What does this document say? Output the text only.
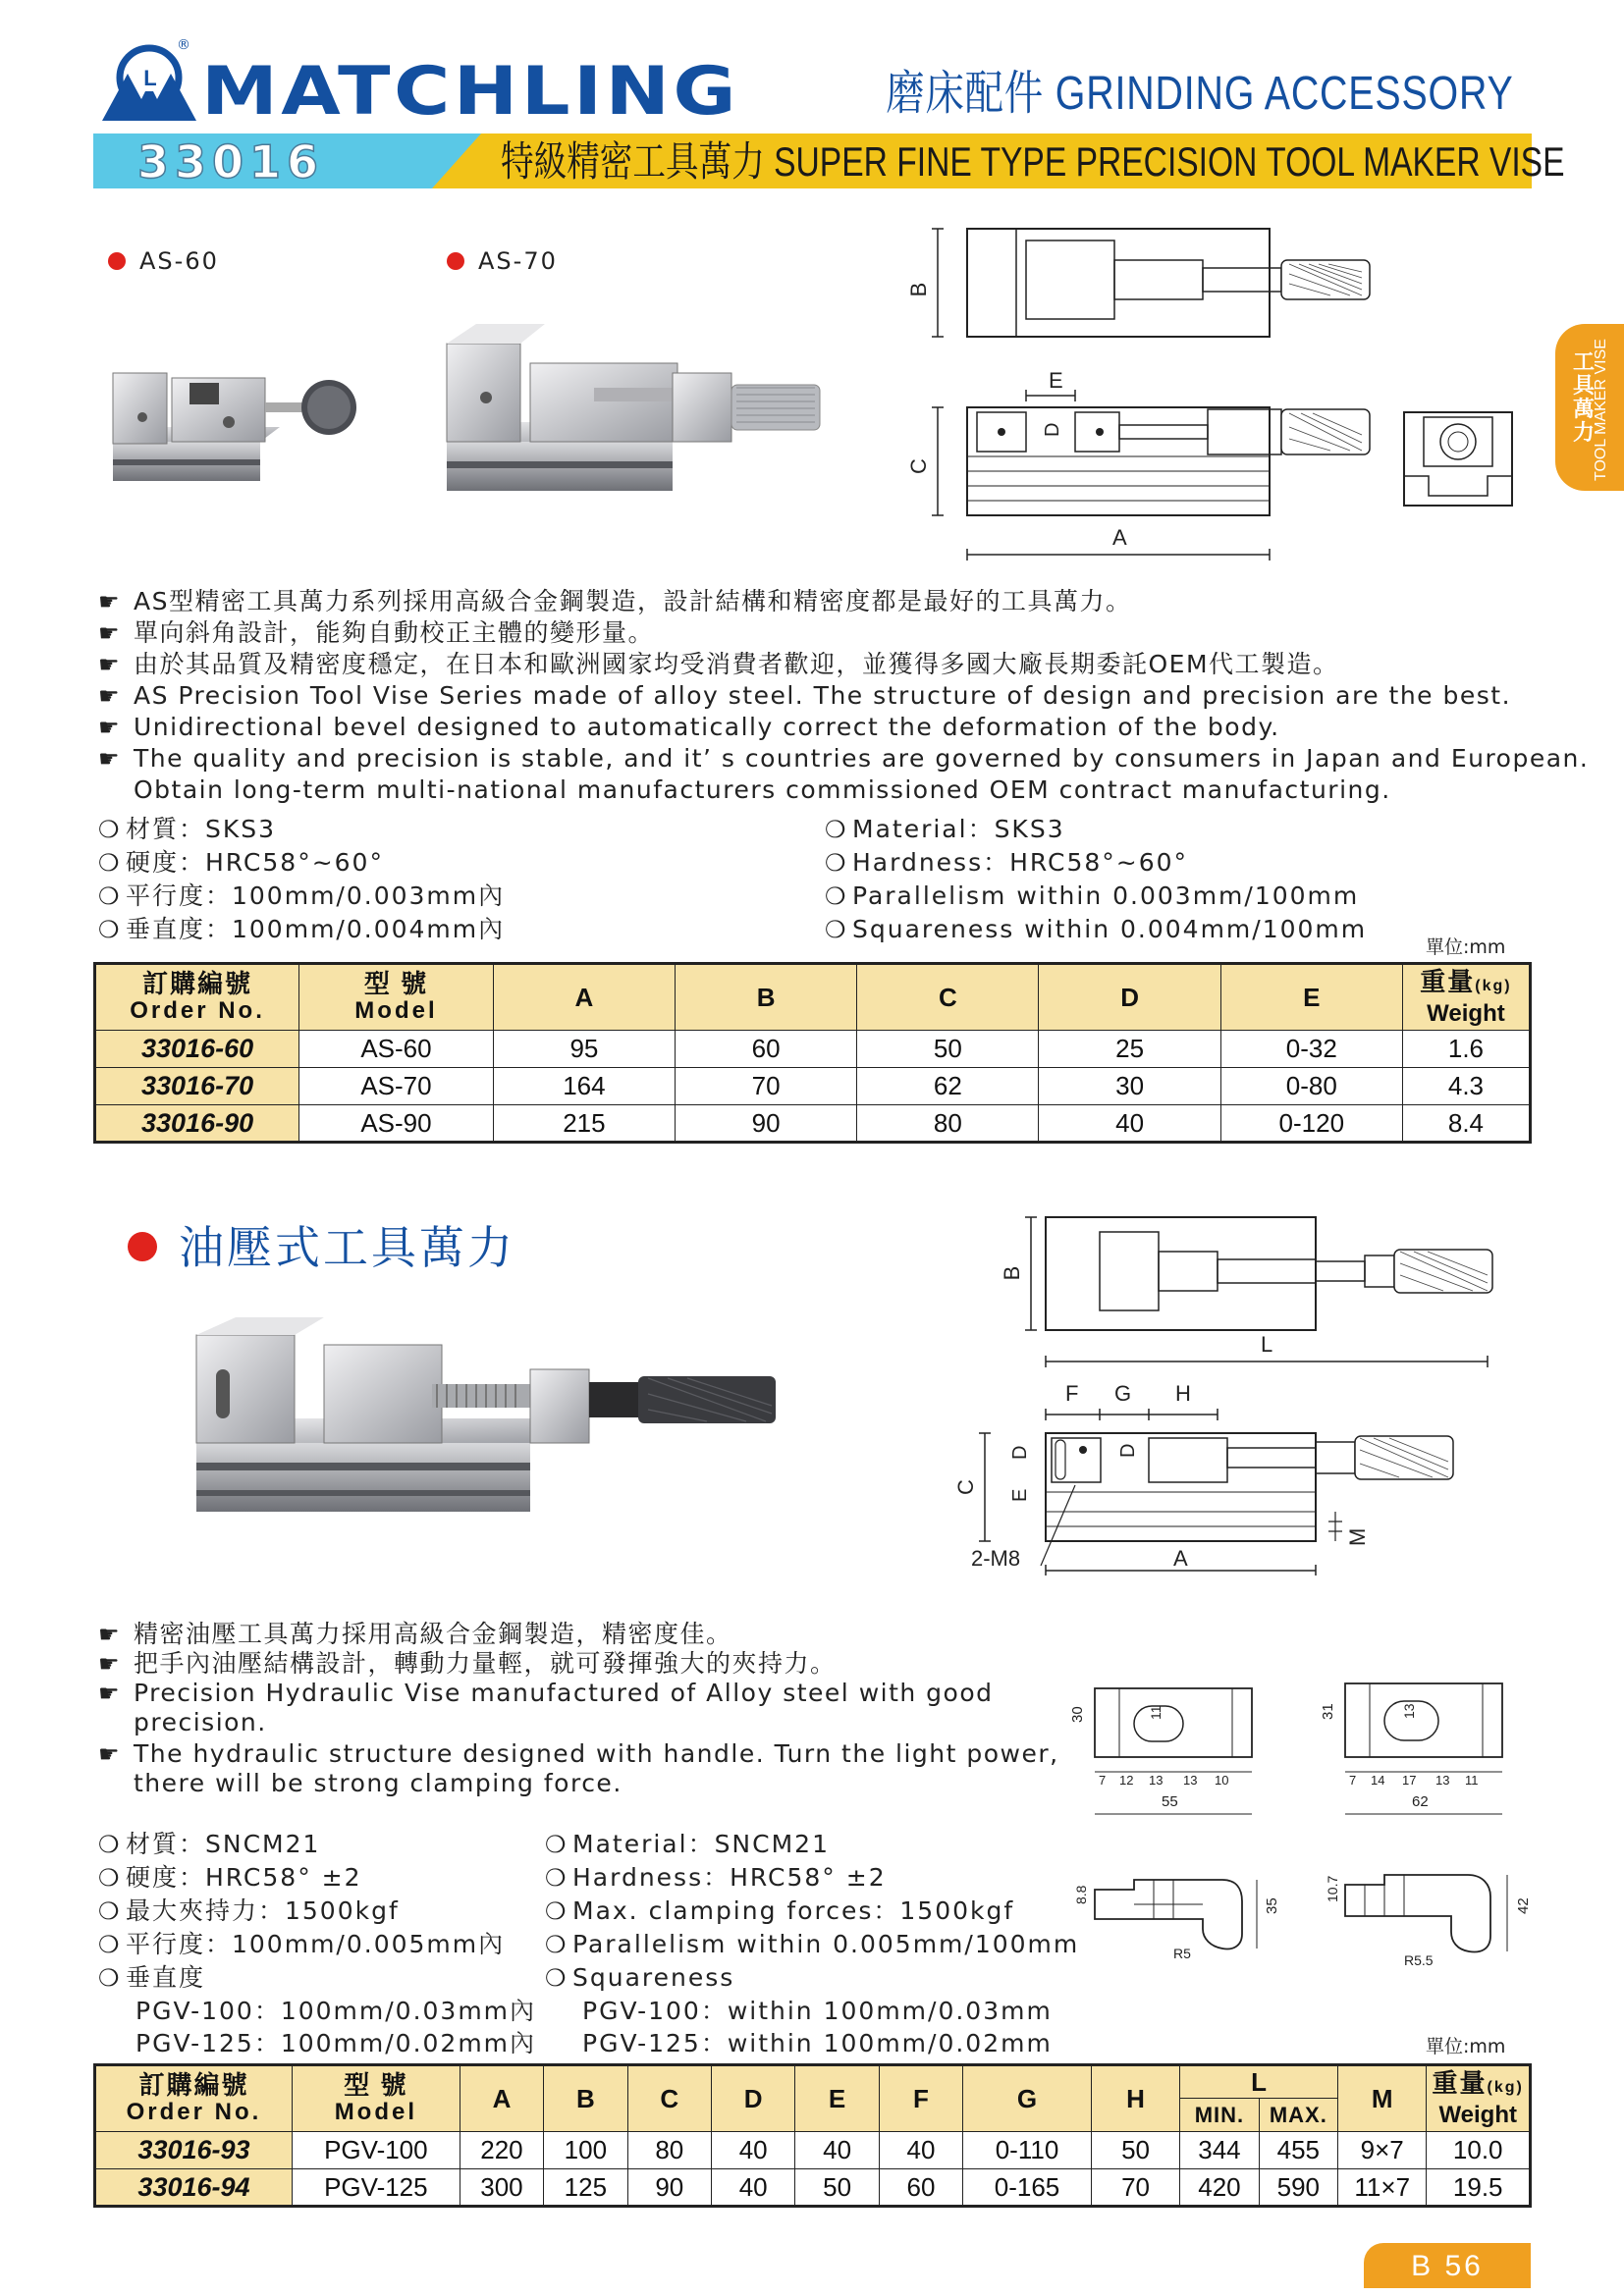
L
®
MATCHLING	磨床配件 GRINDING ACCESSORY
33016	特級精密工具萬力 SUPER FINE TYPE PRECISION TOOL MAKER VISE
工具萬力
TOOL MAKER VISE
AS-60	AS-70
B
E
D
C
A
☛ AS型精密工具萬力系列採用高級合金鋼製造，設計結構和精密度都是最好的工具萬力。
☛ 單向斜角設計，能夠自動校正主體的變形量。
☛ 由於其品質及精密度穩定，在日本和歐洲國家均受消費者歡迎，並獲得多國大廠長期委託OEM代工製造。
☛ AS Precision Tool Vise Series made of alloy steel. The structure of design and precision are the best.
☛ Unidirectional bevel designed to automatically correct the deformation of the body.
☛ The quality and precision is stable, and it’ s countries are governed by consumers in Japan and European.
Obtain long-term multi-national manufacturers commissioned OEM contract manufacturing.
❍ 材質：SKS3
❍ 硬度：HRC58°~60°
❍ 平行度：100mm/0.003mm內
❍ 垂直度：100mm/0.004mm內
❍ Material：SKS3
❍ Hardness：HRC58°~60°
❍ Parallelism within 0.003mm/100mm
❍ Squareness within 0.004mm/100mm
單位:mm
訂購編號
Order No.	型 號
Model	A	B	C	D	E	重量(kg)
Weight

33016-60	AS-60	95	60	50	25	0-32	1.6
33016-70	AS-70	164	70	62	30	0-80	4.3
33016-90	AS-90	215	90	80	40	0-120	8.4
油壓式工具萬力	B
L
F G H
D	D
E
C
2-M8	A
M
30	11
7 12 13 13 10
55
31	13
7 14 17 13 11
62
8.8
35
R5
10.7
42
R5.5
☛ 精密油壓工具萬力採用高級合金鋼製造，精密度佳。
☛ 把手內油壓結構設計，轉動力量輕，就可發揮強大的夾持力。
☛ Precision Hydraulic Vise manufactured of Alloy steel with good
precision.
☛ The hydraulic structure designed with handle. Turn the light power,
there will be strong clamping force.
❍ 材質：SNCM21
❍ 硬度：HRC58° ±2
❍ 最大夾持力：1500kgf
❍ 平行度：100mm/0.005mm內
❍ 垂直度
PGV-100：100mm/0.03mm內
PGV-125：100mm/0.02mm內
❍ Material：SNCM21
❍ Hardness：HRC58° ±2
❍ Max. clamping forces：1500kgf
❍ Parallelism within 0.005mm/100mm
❍ Squareness
PGV-100：within 100mm/0.03mm
PGV-125：within 100mm/0.02mm	單位:mm
訂購編號
Order No.	型 號
Model	A	B	C	D	E	F	G	H	L		M	重量(kg)
Weight

										MIN.	MAX.		
33016-93	PGV-100	220	100	80	40	40	40	0-110	50	344	455	9×7	10.0
33016-94	PGV-125	300	125	90	40	50	60	0-165	70	420	590	11×7	19.5
B 56
